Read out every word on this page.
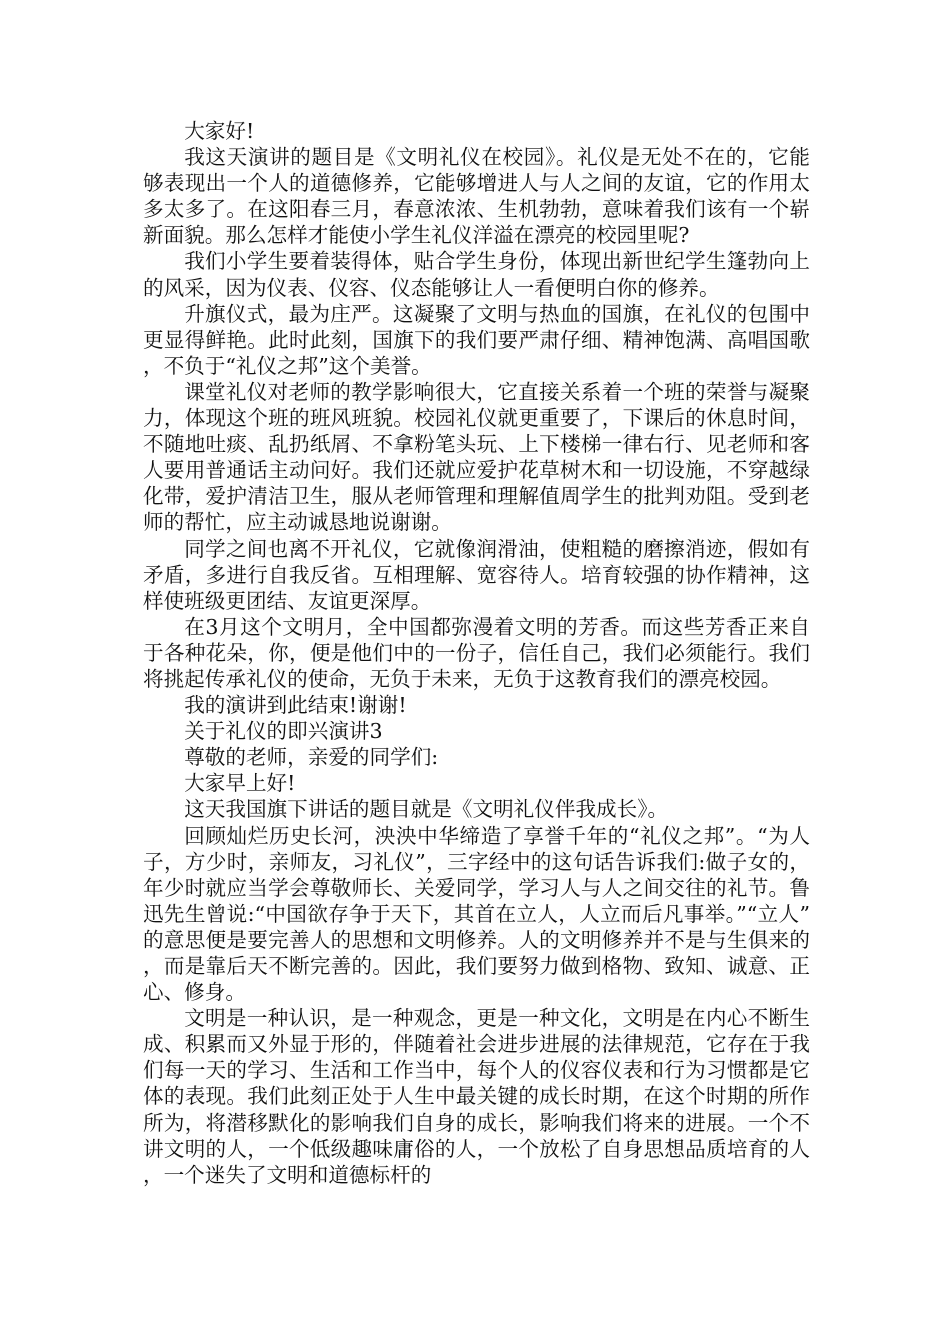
大家好!

我这天演讲的题目是《文明礼仪在校园》。礼仪是无处不在的，它能够表现出一个人的道德修养，它能够增进人与人之间的友谊，它的作用太多太多了。在这阳春三月，春意浓浓、生机勃勃，意味着我们该有一个崭新面貌。那么怎样才能使小学生礼仪洋溢在漂亮的校园里呢?

我们小学生要着装得体，贴合学生身份，体现出新世纪学生篷勃向上的风采，因为仪表、仪容、仪态能够让人一看便明白你的修养。

升旗仪式，最为庄严。这凝聚了文明与热血的国旗，在礼仪的包围中更显得鲜艳。此时此刻，国旗下的我们要严肃仔细、精神饱满、高唱国歌，不负于“礼仪之邦”这个美誉。

课堂礼仪对老师的教学影响很大，它直接关系着一个班的荣誉与凝聚力，体现这个班的班风班貌。校园礼仪就更重要了，下课后的休息时间，不随地吐痰、乱扔纸屑、不拿粉笔头玩、上下楼梯一律右行、见老师和客人要用普通话主动问好。我们还就应爱护花草树木和一切设施，不穿越绿化带，爱护清洁卫生，服从老师管理和理解值周学生的批判劝阻。受到老师的帮忙，应主动诚恳地说谢谢。

同学之间也离不开礼仪，它就像润滑油，使粗糙的磨擦消迹，假如有矛盾，多进行自我反省。互相理解、宽容待人。培育较强的协作精神，这样使班级更团结、友谊更深厚。

在3月这个文明月，全中国都弥漫着文明的芳香。而这些芳香正来自于各种花朵，你，便是他们中的一份子，信任自己，我们必须能行。我们将挑起传承礼仪的使命，无负于未来，无负于这教育我们的漂亮校园。

我的演讲到此结束!谢谢!

关于礼仪的即兴演讲3

尊敬的老师，亲爱的同学们:

大家早上好!

这天我国旗下讲话的题目就是《文明礼仪伴我成长》。

回顾灿烂历史长河，泱泱中华缔造了享誉千年的“礼仪之邦”。“为人子，方少时，亲师友，习礼仪”，三字经中的这句话告诉我们:做子女的，年少时就应当学会尊敬师长、关爱同学，学习人与人之间交往的礼节。鲁迅先生曾说:“中国欲存争于天下，其首在立人，人立而后凡事举。”“立人”的意思便是要完善人的思想和文明修养。人的文明修养并不是与生俱来的，而是靠后天不断完善的。因此，我们要努力做到格物、致知、诚意、正心、修身。

文明是一种认识，是一种观念，更是一种文化，文明是在内心不断生成、积累而又外显于形的，伴随着社会进步进展的法律规范，它存在于我们每一天的学习、生活和工作当中，每个人的仪容仪表和行为习惯都是它体的表现。我们此刻正处于人生中最关键的成长时期，在这个时期的所作所为，将潜移默化的影响我们自身的成长，影响我们将来的进展。一个不讲文明的人，一个低级趣味庸俗的人，一个放松了自身思想品质培育的人，一个迷失了文明和道德标杆的
